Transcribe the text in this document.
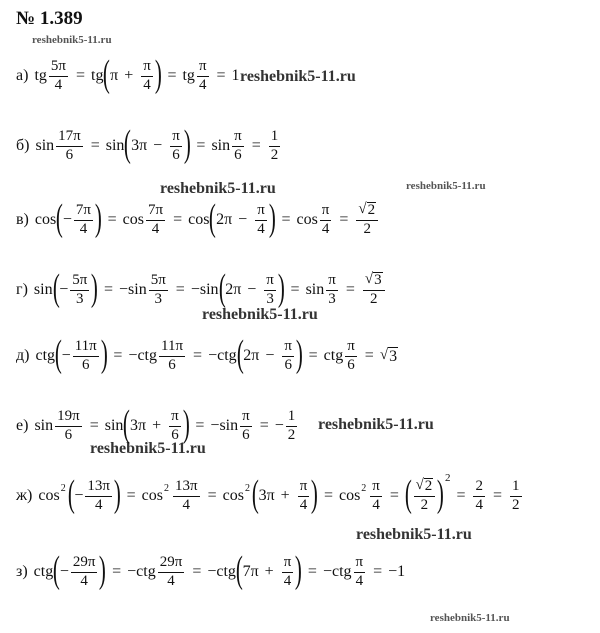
№ 1.389
reshebnik5-11.ru
reshebnik5-11.ru
reshebnik5-11.ru	reshebnik5-11.ru
reshebnik5-11.ru
reshebnik5-11.ru
reshebnik5-11.ru
reshebnik5-11.ru
а) tg $\frac{5\pi}{4}$ = tg ( $\pi + \frac{\pi}{4}$ ) = tg $\frac{\pi}{4} = 1$
б) $\sin \frac{17\pi}{6} = \sin$ ( $3\pi - \frac{\pi}{6}$ ) = $\sin \frac{\pi}{6} = \frac{1}{2}$
в) cos ( − $\frac{7\pi}{4}$ ) = $\cos \frac{7\pi}{4} = \cos$ ( $2\pi - \frac{\pi}{4}$ ) = $\cos \frac{\pi}{4} = \frac{√ 2}{2}$
г) sin ( − $\frac{5\pi}{3}$ ) = $-\sin \frac{5\pi}{3} = -\sin$ ( $2\pi - \frac{\pi}{3}$ ) = $\sin \frac{\pi}{3} = \frac{√ 3}{2}$
д) ctg ( − $\frac{11\pi}{6}$ ) = $-ctg \frac{11\pi}{6} = -ctg$ ( $2\pi - \frac{\pi}{6}$ ) = ctg $\frac{\pi}{6}$ = √ 3
е) $\sin \frac{19\pi}{6} = \sin$ ( $3\pi + \frac{\pi}{6}$ ) = $-\sin \frac{\pi}{6}$ = − $\frac{1}{2}$
ж) cos 2 ( − $\frac{13\pi}{4}$ ) = $\cos 2 \frac{13\pi}{4} = \cos 2$ ( $3\pi + \frac{\pi}{4}$ ) = $\cos 2 \frac{\pi}{4}$ = ( $\frac{√ 2}{2}$ ) 2
= $\frac{2}{4} = \frac{1}{2}$
з) ctg ( − $\frac{29\pi}{4}$ ) = $-ctg \frac{29\pi}{4} = -ctg$ ( $7\pi + \frac{\pi}{4}$ ) = $-ctg \frac{\pi}{4} = -1$
reshebnik5-11.ru
